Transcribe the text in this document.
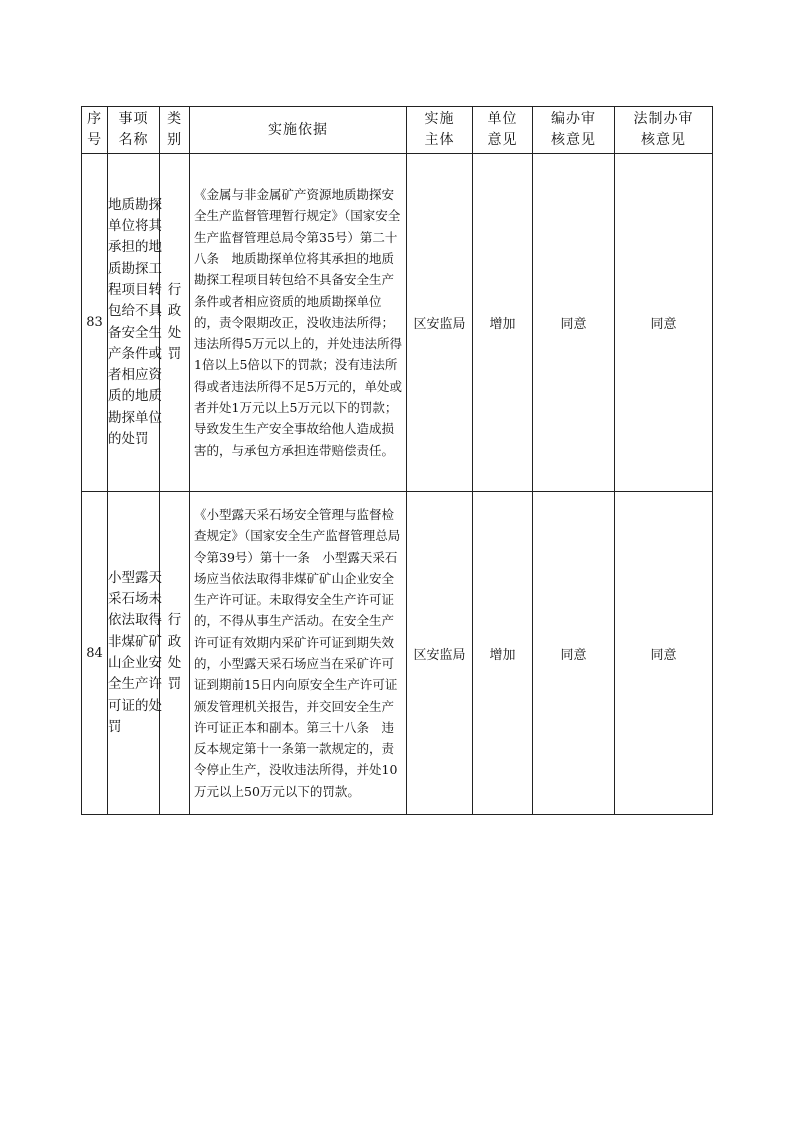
序号	事项名称	类别	实施依据	实施主体	单位意见	编办审核意见	法制办审核意见
83	地质勘探单位将其承担的地质勘探工程项目转包给不具备安全生产条件或者相应资质的地质勘探单位的处罚	行政处罚	《金属与非金属矿产资源地质勘探安全生产监督管理暂行规定》（国家安全生产监督管理总局令第35号）第二十八条　地质勘探单位将其承担的地质勘探工程项目转包给不具备安全生产条件或者相应资质的地质勘探单位的，责令限期改正，没收违法所得；违法所得5万元以上的，并处违法所得1倍以上5倍以下的罚款；没有违法所得或者违法所得不足5万元的，单处或者并处1万元以上5万元以下的罚款；导致发生生产安全事故给他人造成损害的，与承包方承担连带赔偿责任。	区安监局	增加	同意	同意
84	小型露天采石场未依法取得非煤矿矿山企业安全生产许可证的处罚	行政处罚	《小型露天采石场安全管理与监督检查规定》（国家安全生产监督管理总局令第39号）第十一条　小型露天采石场应当依法取得非煤矿矿山企业安全生产许可证。未取得安全生产许可证的，不得从事生产活动。在安全生产许可证有效期内采矿许可证到期失效的，小型露天采石场应当在采矿许可证到期前15日内向原安全生产许可证颁发管理机关报告，并交回安全生产许可证正本和副本。第三十八条　违反本规定第十一条第一款规定的，责令停止生产，没收违法所得，并处10万元以上50万元以下的罚款。	区安监局	增加	同意	同意
